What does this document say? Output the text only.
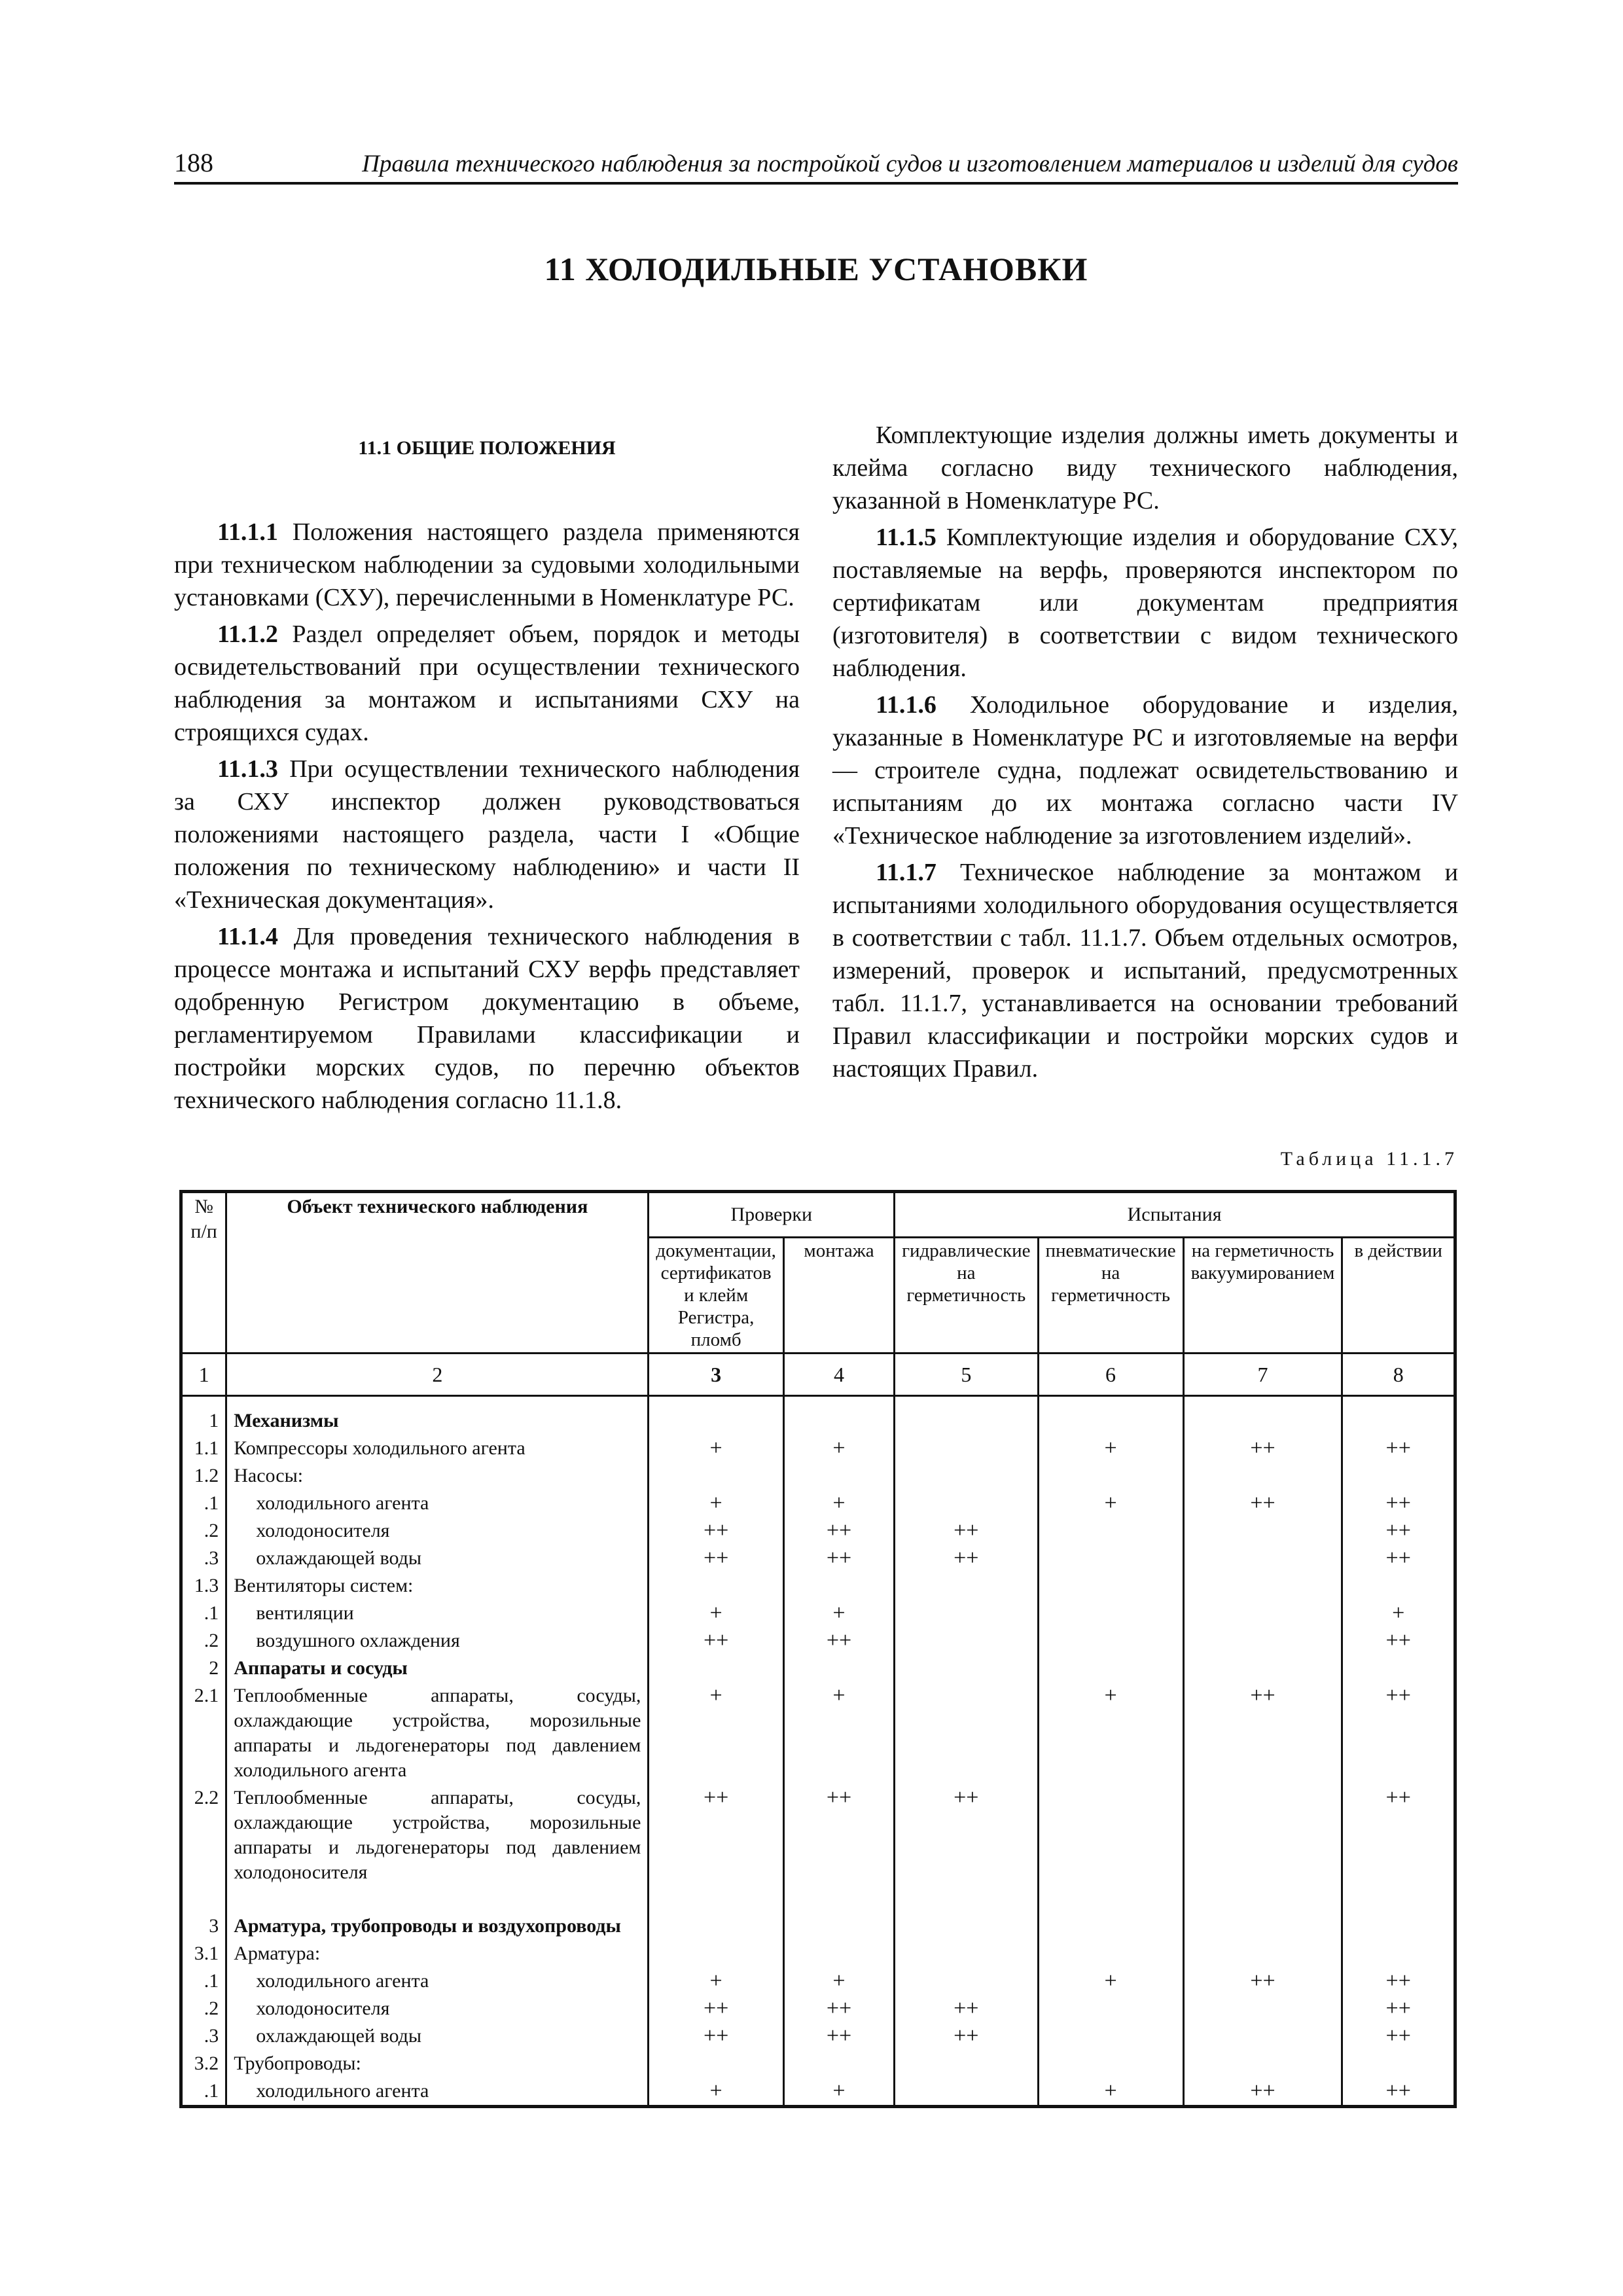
188	Правила технического наблюдения за постройкой судов и изготовлением материалов и изделий для судов
11 ХОЛОДИЛЬНЫЕ УСТАНОВКИ
11.1 ОБЩИЕ ПОЛОЖЕНИЯ

11.1.1 Положения настоящего раздела применяются при техническом наблюдении за судовыми холодильными установками (СХУ), перечисленными в Номенклатуре РС.

11.1.2 Раздел определяет объем, порядок и методы освидетельствований при осуществлении технического наблюдения за монтажом и испытаниями СХУ на строящихся судах.

11.1.3 При осуществлении технического наблюдения за СХУ инспектор должен руководствоваться положениями настоящего раздела, части I «Общие положения по техническому наблюдению» и части II «Техническая документация».

11.1.4 Для проведения технического наблюдения в процессе монтажа и испытаний СХУ верфь представляет одобренную Регистром документацию в объеме, регламентируемом Правилами классификации и постройки морских судов, по перечню объектов технического наблюдения согласно 11.1.8.

Комплектующие изделия должны иметь документы и клейма согласно виду технического наблюдения, указанной в Номенклатуре РС.

11.1.5 Комплектующие изделия и оборудование СХУ, поставляемые на верфь, проверяются инспектором по сертификатам или документам предприятия (изготовителя) в соответствии с видом технического наблюдения.

11.1.6 Холодильное оборудование и изделия, указанные в Номенклатуре РС и изготовляемые на верфи — строителе судна, подлежат освидетельствованию и испытаниям до их монтажа согласно части IV «Техническое наблюдение за изготовлением изделий».

11.1.7 Техническое наблюдение за монтажом и испытаниями холодильного оборудования осуществляется в соответствии с табл. 11.1.7. Объем отдельных осмотров, измерений, проверок и испытаний, предусмотренных табл. 11.1.7, устанавливается на основании требований Правил классификации и постройки морских судов и настоящих Правил.

Таблица 11.1.7
№ п/п	Объект технического наблюдения	Проверки		Испытания			
		документации, сертификатов и клейм Регистра, пломб	монтажа	гидравлические на герметичность	пневматические на герметичность	на герметичность вакуумированием	в действии
1	2	3	4	5	6	7	8
1	Механизмы						
1.1	Компрессоры холодильного агента	+	+		+	++	++
1.2	Насосы:						
.1	холодильного агента	+	+		+	++	++
.2	холодоносителя	++	++	++			++
.3	охлаждающей воды	++	++	++			++
1.3	Вентиляторы систем:						
.1	вентиляции	+	+				+
.2	воздушного охлаждения	++	++				++
2	Аппараты и сосуды						
2.1	Теплообменные аппараты, сосуды, охлаждающие устройства, морозильные аппараты и льдогенераторы под давлением холодильного агента	+	+		+	++	++
2.2	Теплообменные аппараты, сосуды, охлаждающие устройства, морозильные аппараты и льдогенераторы под давлением холодоносителя	++	++	++			++

3	Арматура, трубопроводы и воздухопроводы						
3.1	Арматура:						
.1	холодильного агента	+	+		+	++	++
.2	холодоносителя	++	++	++			++
.3	охлаждающей воды	++	++	++			++
3.2	Трубопроводы:						
.1	холодильного агента	+	+		+	++	++
